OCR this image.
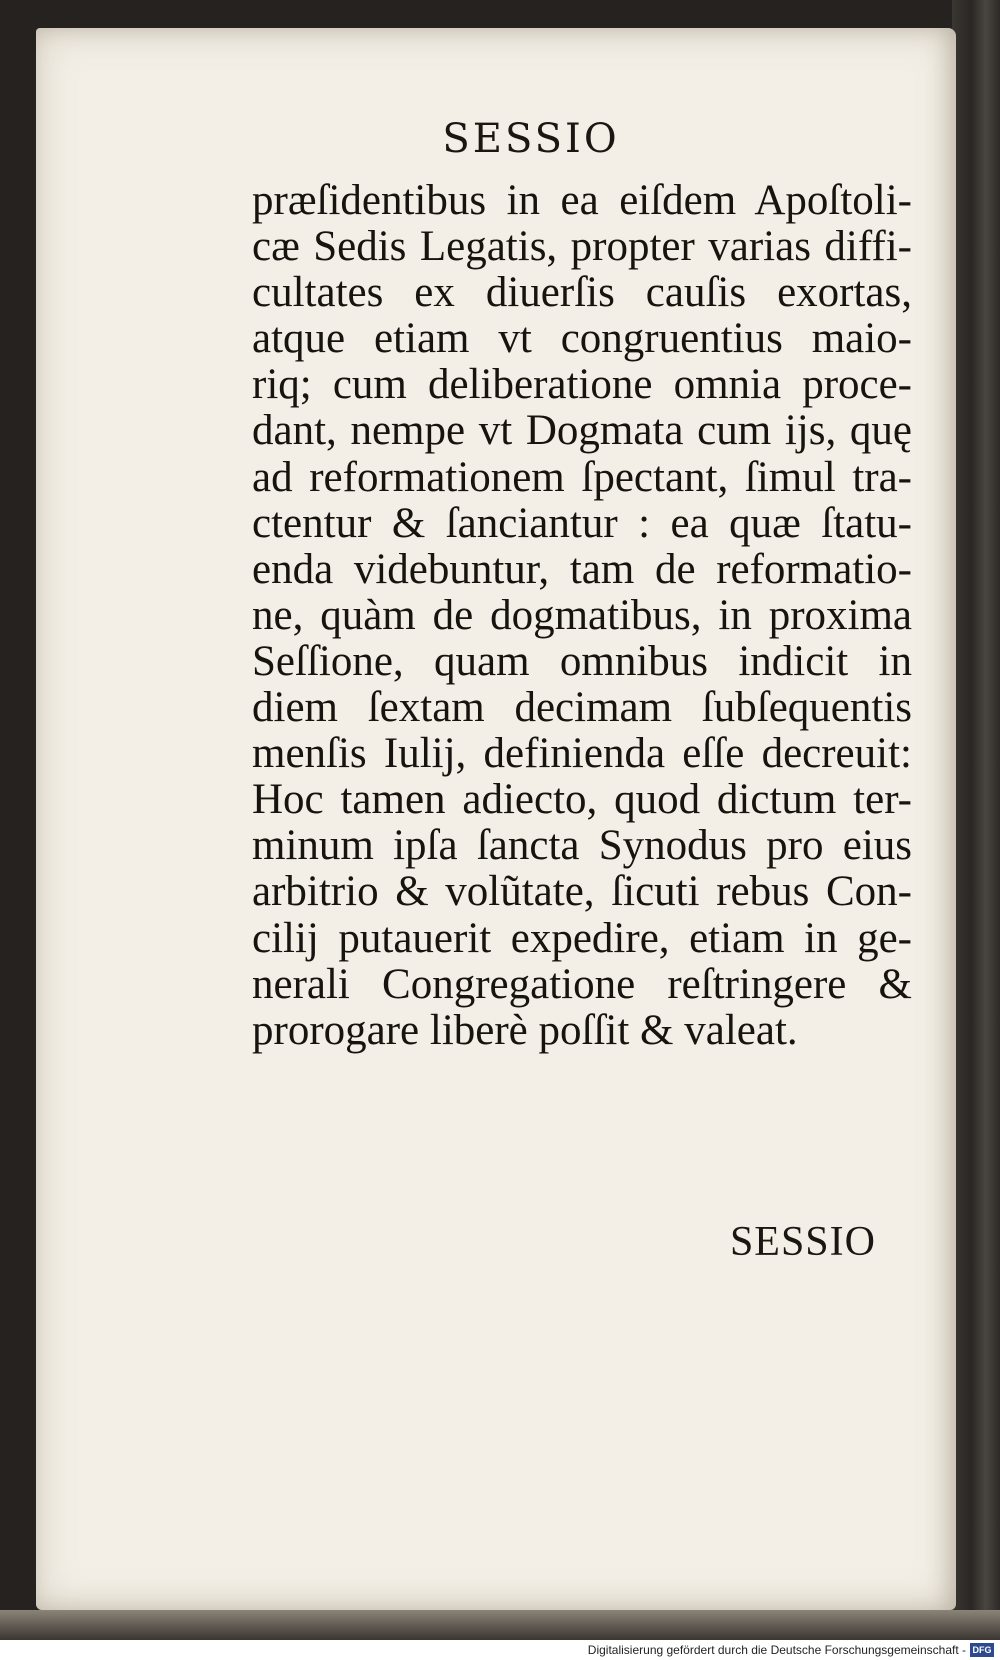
SESSIO
præſidentibus in ea eiſdem Apoſtoli-
cæ Sedis Legatis, propter varias diffi-
cultates ex diuerſis cauſis exortas,
atque etiam vt congruentius maio-
riq; cum deliberatione omnia proce-
dant, nempe vt Dogmata cum ijs, quę
ad reformationem ſpectant, ſimul tra-
ctentur & ſanciantur : ea quæ ſtatu-
enda videbuntur, tam de reformatio-
ne, quàm de dogmatibus, in proxima
Seſſione, quam omnibus indicit in
diem ſextam decimam ſubſequentis
menſis Iulij, definienda eſſe decreuit:
Hoc tamen adiecto, quod dictum ter-
minum ipſa ſancta Synodus pro eius
arbitrio & volũtate, ſicuti rebus Con-
cilij putauerit expedire, etiam in ge-
nerali Congregatione reſtringere &
prorogare liberè poſſit & valeat.
SESSIO
Digitalisierung gefördert durch die Deutsche Forschungsgemeinschaft - DFG
